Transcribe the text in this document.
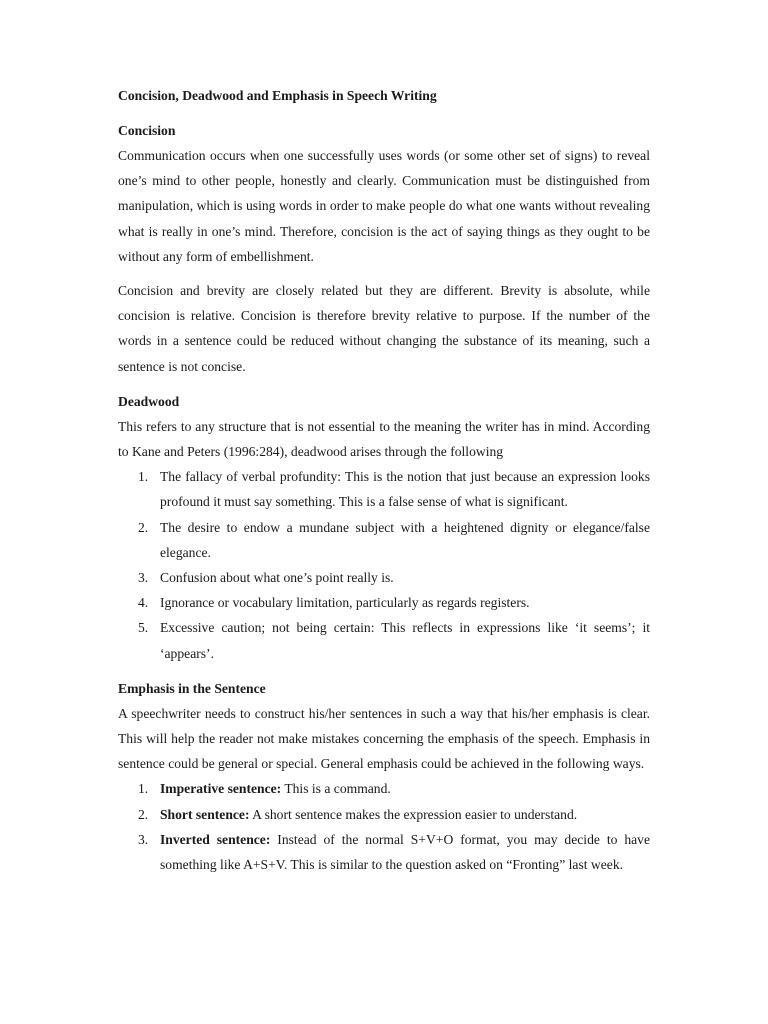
Concision, Deadwood and Emphasis in Speech Writing
Concision

Communication occurs when one successfully uses words (or some other set of signs) to reveal one’s mind to other people, honestly and clearly. Communication must be distinguished from manipulation, which is using words in order to make people do what one wants without revealing what is really in one’s mind. Therefore, concision is the act of saying things as they ought to be without any form of embellishment.

Concision and brevity are closely related but they are different. Brevity is absolute, while concision is relative. Concision is therefore brevity relative to purpose. If the number of the words in a sentence could be reduced without changing the substance of its meaning, such a sentence is not concise.

Deadwood

This refers to any structure that is not essential to the meaning the writer has in mind. According to Kane and Peters (1996:284), deadwood arises through the following

1. The fallacy of verbal profundity: This is the notion that just because an expression looks profound it must say something. This is a false sense of what is significant.
2. The desire to endow a mundane subject with a heightened dignity or elegance/false elegance.
3. Confusion about what one’s point really is.
4. Ignorance or vocabulary limitation, particularly as regards registers.
5. Excessive caution; not being certain: This reflects in expressions like ‘it seems’; it ‘appears’.
Emphasis in the Sentence

A speechwriter needs to construct his/her sentences in such a way that his/her emphasis is clear. This will help the reader not make mistakes concerning the emphasis of the speech. Emphasis in sentence could be general or special. General emphasis could be achieved in the following ways.

1. Imperative sentence: This is a command.
2. Short sentence: A short sentence makes the expression easier to understand.
3. Inverted sentence: Instead of the normal S+V+O format, you may decide to have something like A+S+V. This is similar to the question asked on “Fronting” last week.
